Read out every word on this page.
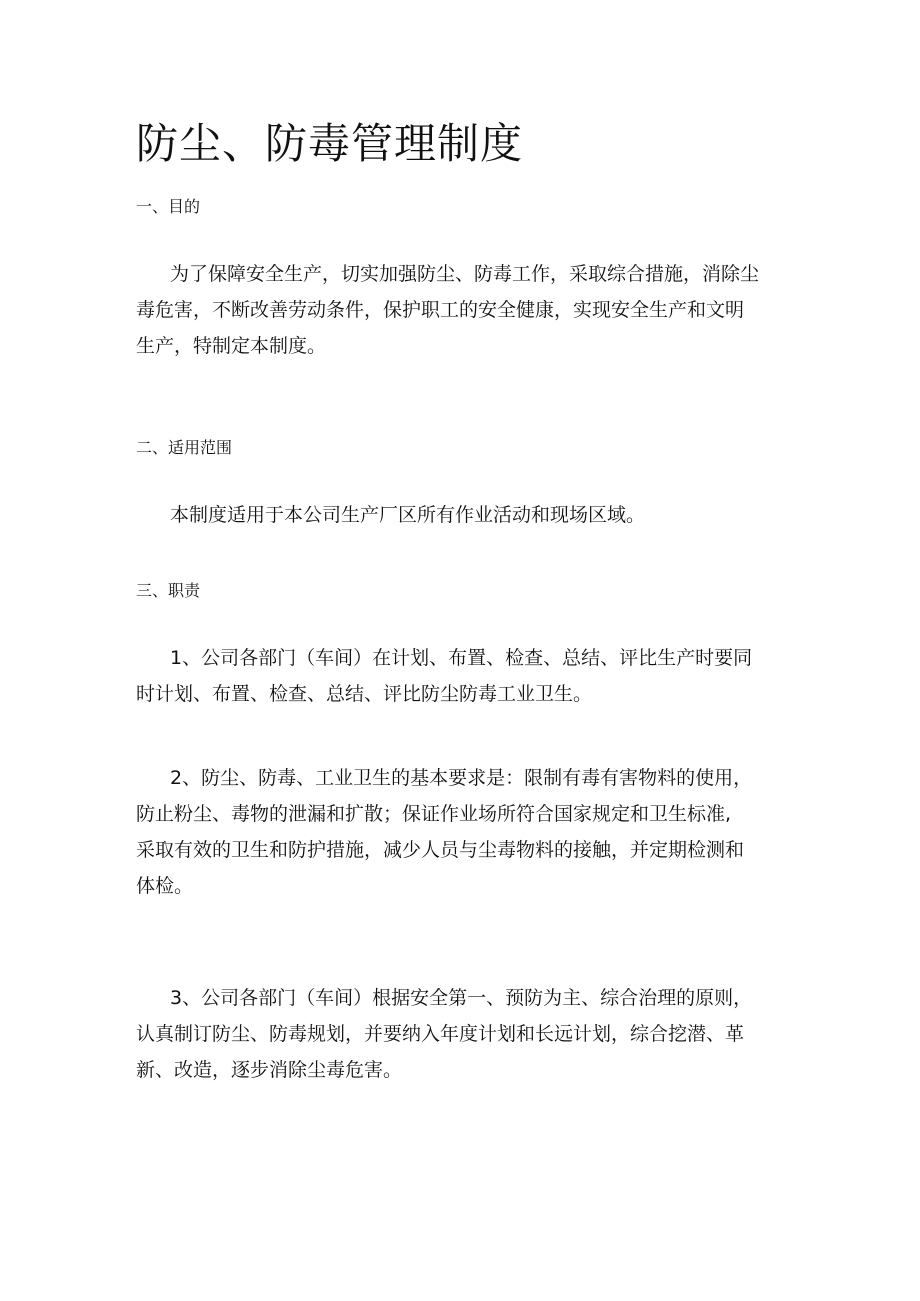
防尘、防毒管理制度
一、目的
为了保障安全生产，切实加强防尘、防毒工作，采取综合措施，消除尘
毒危害，不断改善劳动条件，保护职工的安全健康，实现安全生产和文明
生产，特制定本制度。
二、适用范围
本制度适用于本公司生产厂区所有作业活动和现场区域。
三、职责
1、公司各部门（车间）在计划、布置、检查、总结、评比生产时要同
时计划、布置、检查、总结、评比防尘防毒工业卫生。
2、防尘、防毒、工业卫生的基本要求是：限制有毒有害物料的使用，
防止粉尘、毒物的泄漏和扩散；保证作业场所符合国家规定和卫生标准,
采取有效的卫生和防护措施，减少人员与尘毒物料的接触，并定期检测和
体检。
3、公司各部门（车间）根据安全第一、预防为主、综合治理的原则，
认真制订防尘、防毒规划，并要纳入年度计划和长远计划，综合挖潜、革
新、改造，逐步消除尘毒危害。
